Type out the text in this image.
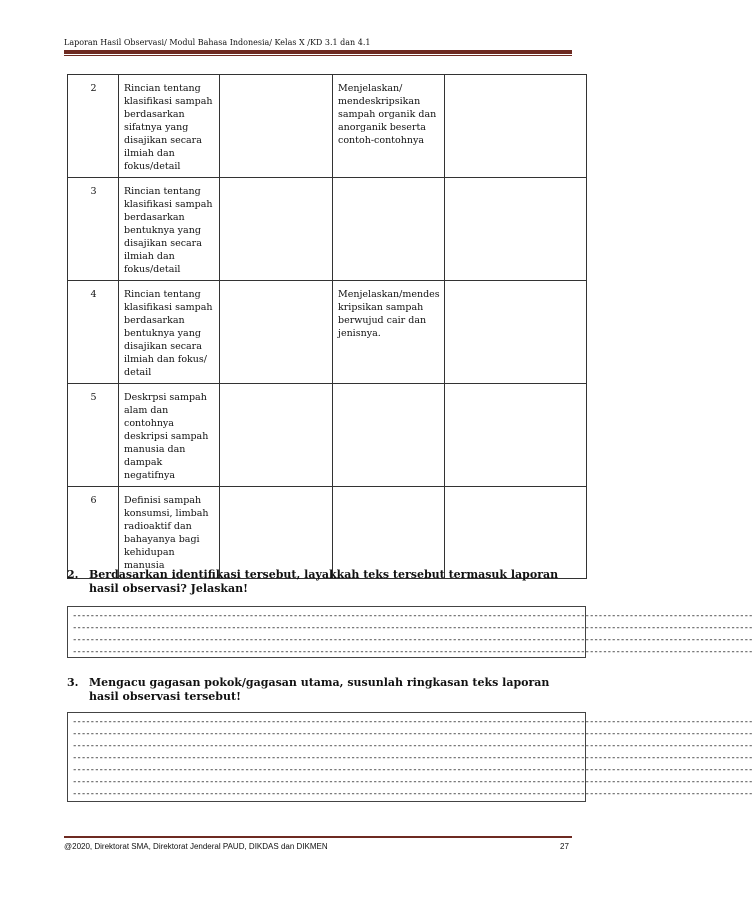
Laporan Hasil Observasi/ Modul Bahasa Indonesia/ Kelas X /KD 3.1 dan 4.1
2	Rincian tentang klasifikasi sampah berdasarkan sifatnya yang disajikan secara ilmiah dan fokus/detail		Menjelaskan/ mendeskripsikan sampah organik dan anorganik beserta contoh-contohnya	
3	Rincian tentang klasifikasi sampah berdasarkan bentuknya yang disajikan secara ilmiah dan fokus/detail			
4	Rincian tentang klasifikasi sampah berdasarkan bentuknya yang disajikan secara ilmiah dan fokus/ detail		Menjelaskan/mendes kripsikan sampah berwujud cair dan jenisnya.	
5	Deskrpsi sampah alam dan contohnya deskripsi sampah manusia dan dampak negatifnya			
6	Definisi sampah konsumsi, limbah radioaktif dan bahayanya bagi kehidupan manusia			
2. Berdasarkan identifikasi tersebut, layakkah teks tersebut termasuk laporan hasil observasi? Jelaskan!
----------------------------------------------------------------------------------------------------------------------------------------------------------
----------------------------------------------------------------------------------------------------------------------------------------------------------
----------------------------------------------------------------------------------------------------------------------------------------------------------
----------------------------------------------------------------------------------------------------------------------------------------------------------
3. Mengacu gagasan pokok/gagasan utama, susunlah ringkasan teks laporan hasil observasi tersebut!
----------------------------------------------------------------------------------------------------------------------------------------------------------
----------------------------------------------------------------------------------------------------------------------------------------------------------
----------------------------------------------------------------------------------------------------------------------------------------------------------
----------------------------------------------------------------------------------------------------------------------------------------------------------
----------------------------------------------------------------------------------------------------------------------------------------------------------
----------------------------------------------------------------------------------------------------------------------------------------------------------
----------------------------------------------------------------------------------------------------------------------------------------------------------
@2020, Direktorat SMA, Direktorat Jenderal PAUD, DIKDAS dan DIKMEN	27
